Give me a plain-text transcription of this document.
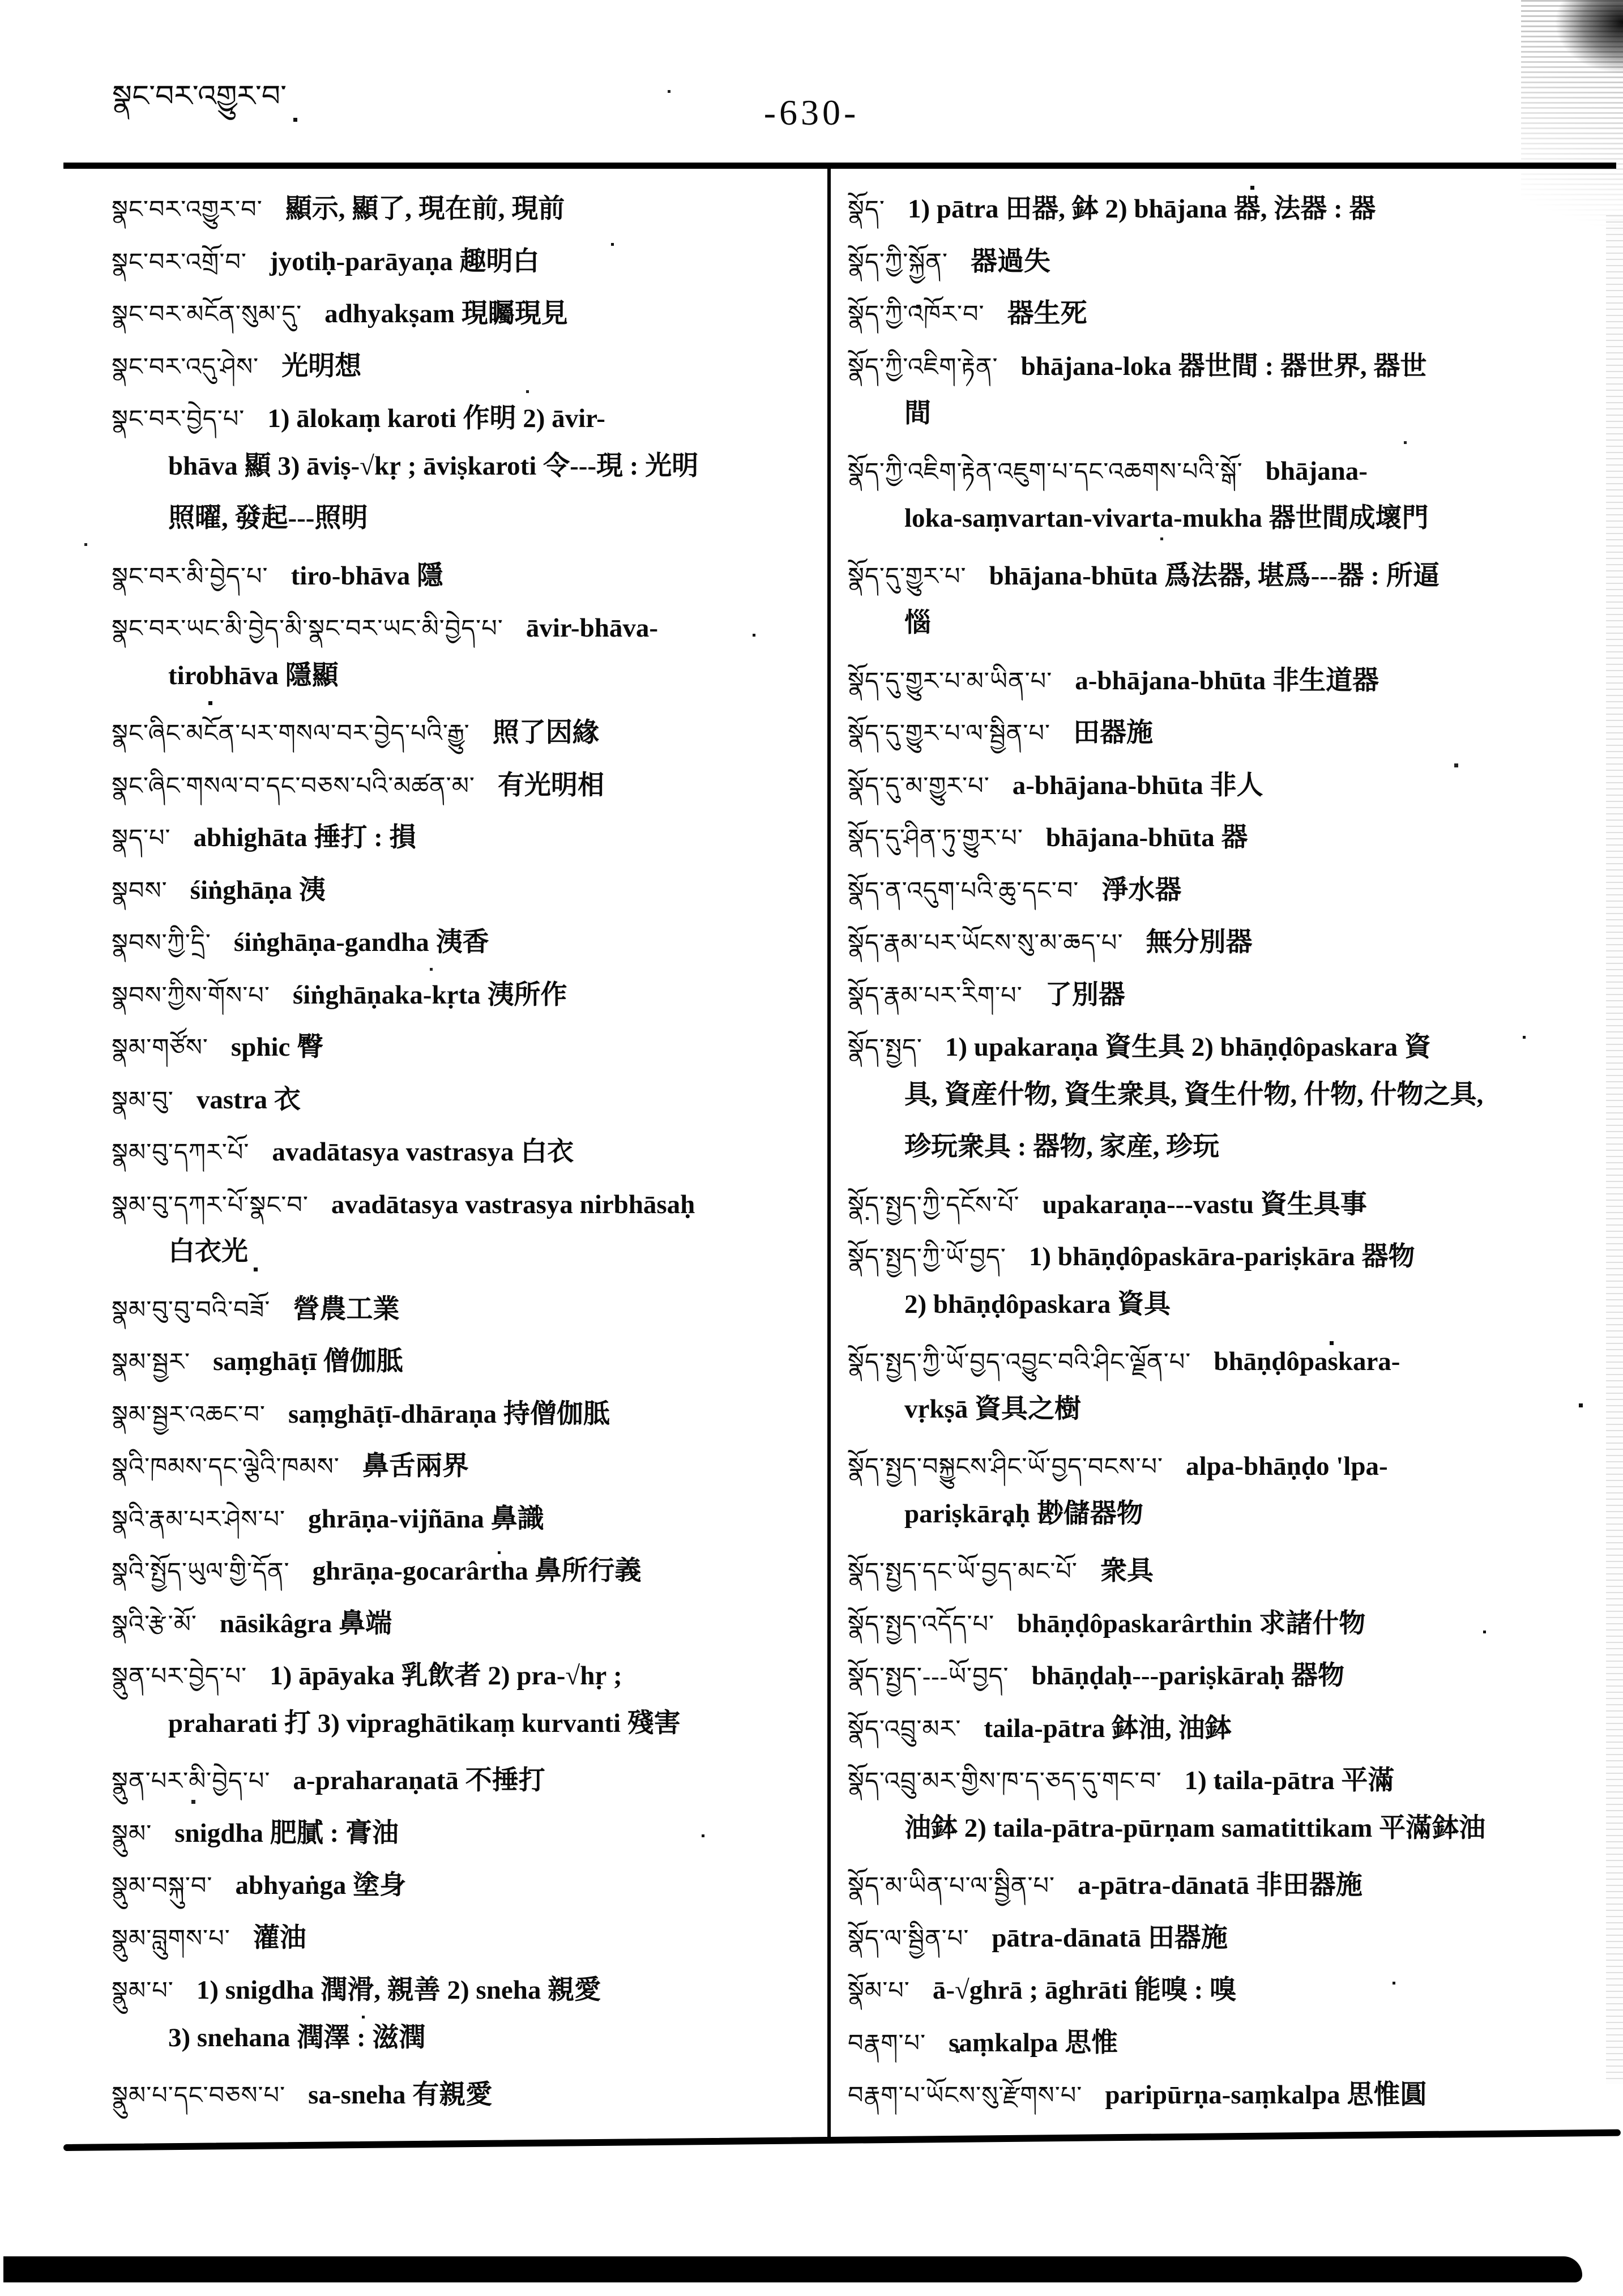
སྣང་བར་འགྱུར་བ་	-630-
སྣང་བར་འགྱུར་བ་ 顯示, 顯了, 現在前, 現前
སྣང་བར་འགྲོ་བ་ jyotiḥ-parāyaṇa 趣明白
སྣང་བར་མངོན་སུམ་དུ་ adhyakṣam 現矚現見
སྣང་བར་འདུ་ཤེས་ 光明想
སྣང་བར་བྱེད་པ་ 1) ālokaṃ karoti 作明 2) āvir-
bhāva 顯 3) āviṣ-√kṛ ; āviṣkaroti 令---現 : 光明
照曜, 發起---照明
སྣང་བར་མི་བྱེད་པ་ tiro-bhāva 隱
སྣང་བར་ཡང་མི་བྱེད་མི་སྣང་བར་ཡང་མི་བྱེད་པ་ āvir-bhāva-
tirobhāva 隱顯
སྣང་ཞིང་མངོན་པར་གསལ་བར་བྱེད་པའི་རྒྱུ་ 照了因緣
སྣང་ཞིང་གསལ་བ་དང་བཅས་པའི་མཚན་མ་ 有光明相
སྣད་པ་ abhighāta 捶打 : 損
སྣབས་ śiṅghāṇa 洟
སྣབས་ཀྱི་དྲི་ śiṅghāṇa-gandha 洟香
སྣབས་ཀྱིས་གོས་པ་ śiṅghāṇaka-kṛta 洟所作
སྣམ་གཙོས་ sphic 臀
སྣམ་བུ་ vastra 衣
སྣམ་བུ་དཀར་པོ་ avadātasya vastrasya 白衣
སྣམ་བུ་དཀར་པོ་སྣང་བ་ avadātasya vastrasya nirbhāsaḥ
白衣光
སྣམ་བུ་བུ་བའི་བཟོ་ 營農工業
སྣམ་སྦྱར་ saṃghāṭī 僧伽胝
སྣམ་སྦྱར་འཆང་བ་ saṃghāṭī-dhāraṇa 持僧伽胝
སྣའི་ཁམས་དང་ལྕེའི་ཁམས་ 鼻舌兩界
སྣའི་རྣམ་པར་ཤེས་པ་ ghrāṇa-vijñāna 鼻識
སྣའི་སྤྱོད་ཡུལ་གྱི་དོན་ ghrāṇa-gocarârtha 鼻所行義
སྣའི་རྩེ་མོ་ nāsikâgra 鼻端
སྣུན་པར་བྱེད་པ་ 1) āpāyaka 乳飲者 2) pra-√hṛ ;
praharati 打 3) vipraghātikaṃ kurvanti 殘害
སྣུན་པར་མི་བྱེད་པ་ a-praharaṇatā 不捶打
སྣུམ་ snigdha 肥膩 : 膏油
སྣུམ་བསྐུ་བ་ abhyaṅga 塗身
སྣུམ་བླུགས་པ་ 灌油
སྣུམ་པ་ 1) snigdha 潤滑, 親善 2) sneha 親愛
3) snehana 潤澤 : 滋潤
སྣུམ་པ་དང་བཅས་པ་ sa-sneha 有親愛
སྣོད་ 1) pātra 田器, 鉢 2) bhājana 器, 法器 : 器
སྣོད་ཀྱི་སྐྱོན་ 器過失
སྣོད་ཀྱི་འཁོར་བ་ 器生死
སྣོད་ཀྱི་འཇིག་རྟེན་ bhājana-loka 器世間 : 器世界, 器世
間
སྣོད་ཀྱི་འཇིག་རྟེན་འཇུག་པ་དང་འཆགས་པའི་སྒོ་ bhājana-
loka-saṃvartan-vivarta-mukha 器世間成壞門
སྣོད་དུ་གྱུར་པ་ bhājana-bhūta 爲法器, 堪爲---器 : 所逼
惱
སྣོད་དུ་གྱུར་པ་མ་ཡིན་པ་ a-bhājana-bhūta 非生道器
སྣོད་དུ་གྱུར་པ་ལ་སྦྱིན་པ་ 田器施
སྣོད་དུ་མ་གྱུར་པ་ a-bhājana-bhūta 非人
སྣོད་དུ་ཤིན་ཏུ་གྱུར་པ་ bhājana-bhūta 器
སྣོད་ན་འདུག་པའི་ཆུ་དང་བ་ 淨水器
སྣོད་རྣམ་པར་ཡོངས་སུ་མ་ཆད་པ་ 無分別器
སྣོད་རྣམ་པར་རིག་པ་ 了別器
སྣོད་སྤྱད་ 1) upakaraṇa 資生具 2) bhāṇḍôpaskara 資
具, 資産什物, 資生衆具, 資生什物, 什物, 什物之具,
珍玩衆具 : 器物, 家産, 珍玩
སྣོད་སྤྱད་ཀྱི་དངོས་པོ་ upakaraṇa---vastu 資生具事
སྣོད་སྤྱད་ཀྱི་ཡོ་བྱད་ 1) bhāṇḍôpaskāra-pariṣkāra 器物
2) bhāṇḍôpaskara 資具
སྣོད་སྤྱད་ཀྱི་ཡོ་བྱད་འབྱུང་བའི་ཤིང་ལྗོན་པ་ bhāṇḍôpaskara-
vṛkṣā 資具之樹
སྣོད་སྤྱད་བསྐྱུངས་ཤིང་ཡོ་བྱད་བངས་པ་ alpa-bhāṇḍo 'lpa-
pariṣkāraḥ 尠儲器物
སྣོད་སྤྱད་དང་ཡོ་བྱད་མང་པོ་ 衆具
སྣོད་སྤྱད་འདོད་པ་ bhāṇḍôpaskarârthin 求諸什物
སྣོད་སྤྱད་---ཡོ་བྱད་ bhāṇḍaḥ---pariṣkāraḥ 器物
སྣོད་འབྲུ་མར་ taila-pātra 鉢油, 油鉢
སྣོད་འབྲུ་མར་གྱིས་ཁ་ད་ཅད་དུ་གང་བ་ 1) taila-pātra 平滿
油鉢 2) taila-pātra-pūrṇam samatittikam 平滿鉢油
སྣོད་མ་ཡིན་པ་ལ་སྦྱིན་པ་ a-pātra-dānatā 非田器施
སྣོད་ལ་སྦྱིན་པ་ pātra-dānatā 田器施
སྣོམ་པ་ ā-√ghrā ; āghrāti 能嗅 : 嗅
བརྣག་པ་ saṃkalpa 思惟
བརྣག་པ་ཡོངས་སུ་རྫོགས་པ་ paripūrṇa-saṃkalpa 思惟圓
